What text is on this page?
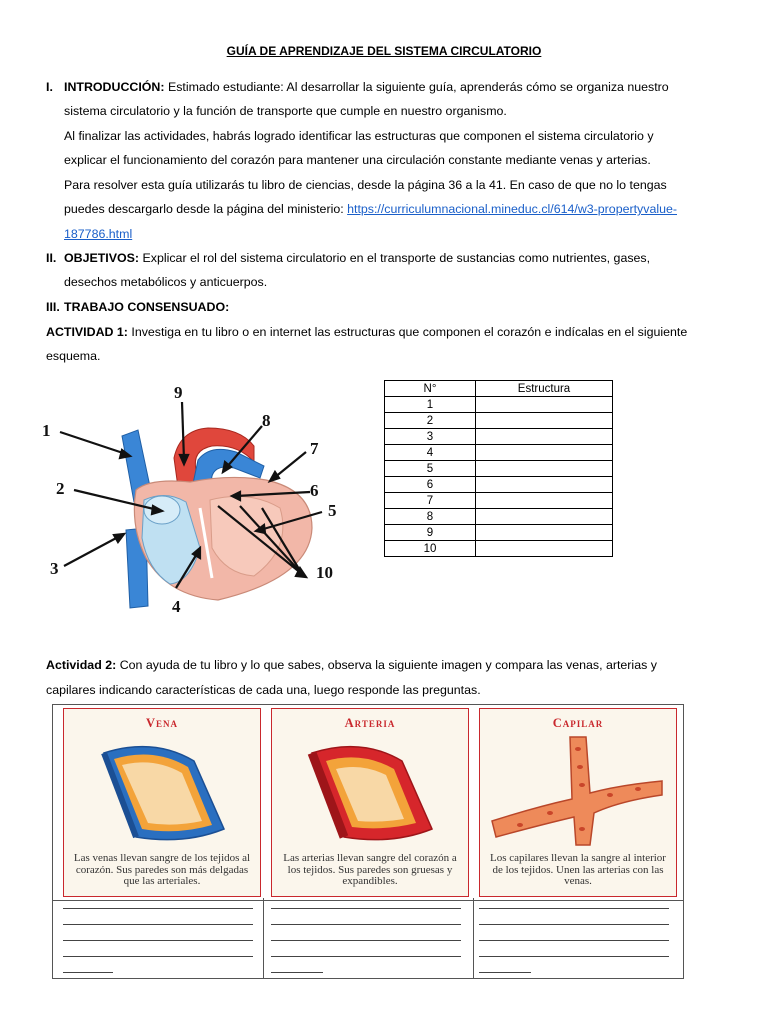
GUÍA DE APRENDIZAJE DEL SISTEMA CIRCULATORIO
I. INTRODUCCIÓN: Estimado estudiante: Al desarrollar la siguiente guía, aprenderás cómo se organiza nuestro
sistema circulatorio y la función de transporte que cumple en nuestro organismo.
Al finalizar las actividades, habrás logrado identificar las estructuras que componen el sistema circulatorio y
explicar el funcionamiento del corazón para mantener una circulación constante mediante venas y arterias.
Para resolver esta guía utilizarás tu libro de ciencias, desde la página 36 a la 41. En caso de que no lo tengas
puedes descargarlo desde la página del ministerio: https://curriculumnacional.mineduc.cl/614/w3-propertyvalue-
187786.html
II. OBJETIVOS: Explicar el rol del sistema circulatorio en el transporte de sustancias como nutrientes, gases,
desechos metabólicos y anticuerpos.
III. TRABAJO CONSENSUADO:
ACTIVIDAD 1: Investiga en tu libro o en internet las estructuras que componen el corazón e indícalas en el siguiente
esquema.
1
2
3
4
5
6
7
8
9
10
N°	Estructura
1	
2	
3	
4	
5	
6	
7	
8	
9	
10	
Actividad 2: Con ayuda de tu libro y lo que sabes, observa la siguiente imagen y compara las venas, arterias y
capilares indicando características de cada una, luego responde las preguntas.
Vena
Las venas llevan sangre de los tejidos al corazón. Sus paredes son más delgadas que las arteriales.
Arteria
Las arterias llevan sangre del corazón a los tejidos. Sus paredes son gruesas y expandibles.
Capilar
Los capilares llevan la sangre al interior de los tejidos. Unen las arterias con las venas.
